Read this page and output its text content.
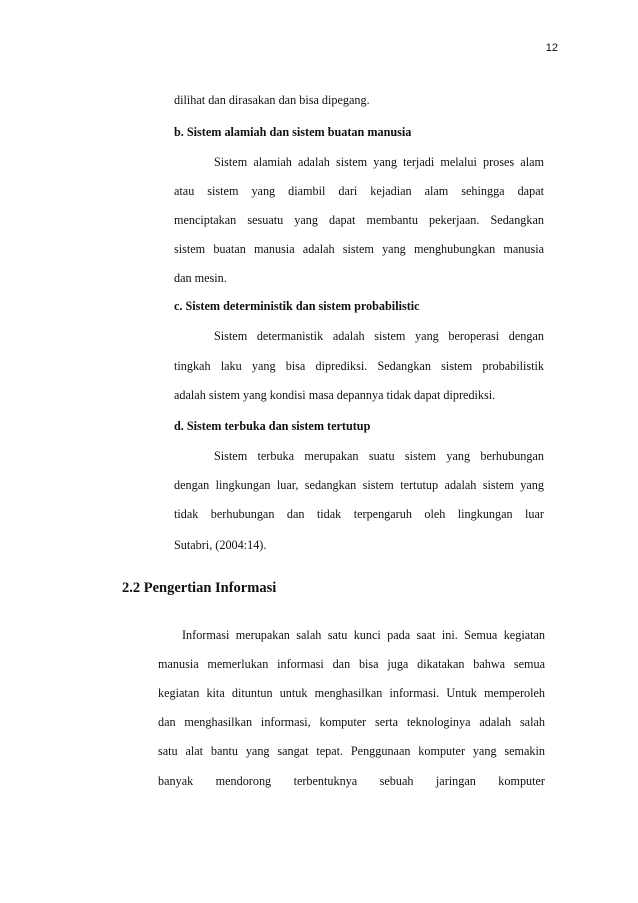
12
dilihat dan dirasakan dan bisa dipegang.
b. Sistem alamiah dan sistem buatan manusia
Sistem alamiah adalah sistem yang terjadi melalui proses alam
atau sistem yang diambil dari kejadian alam sehingga dapat
menciptakan sesuatu yang dapat membantu pekerjaan. Sedangkan
sistem buatan manusia adalah sistem yang menghubungkan manusia
dan mesin.
c. Sistem deterministik dan sistem probabilistic
Sistem determanistik adalah sistem yang beroperasi dengan
tingkah laku yang bisa diprediksi. Sedangkan sistem probabilistik
adalah sistem yang kondisi masa depannya tidak dapat diprediksi.
d. Sistem terbuka dan sistem tertutup
Sistem terbuka merupakan suatu sistem yang berhubungan
dengan lingkungan luar, sedangkan sistem tertutup adalah sistem yang
tidak berhubungan dan tidak terpengaruh oleh lingkungan luar
Sutabri, (2004:14).
2.2 Pengertian Informasi
Informasi merupakan salah satu kunci pada saat ini. Semua kegiatan
manusia memerlukan informasi dan bisa juga dikatakan bahwa semua
kegiatan kita dituntun untuk menghasilkan informasi. Untuk memperoleh
dan menghasilkan informasi, komputer serta teknologinya adalah salah
satu alat bantu yang sangat tepat. Penggunaan komputer yang semakin
banyak mendorong terbentuknya sebuah jaringan komputer
